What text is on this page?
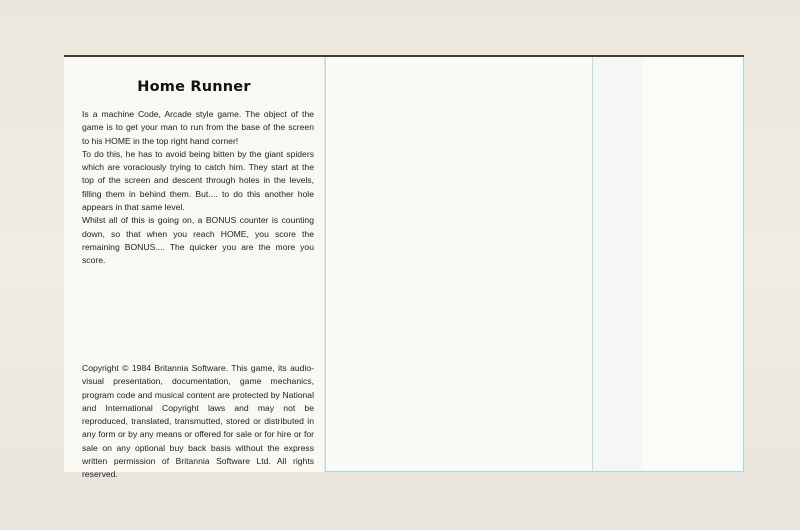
Home Runner

Is a machine Code, Arcade style game. The object of the game is to get your man to run from the base of the screen to his HOME in the top right hand corner!

To do this, he has to avoid being bitten by the giant spiders which are voraciously trying to catch him. They start at the top of the screen and descent through holes in the levels, filling them in behind them. But.... to do this another hole appears in that same level.

Whilst all of this is going on, a BONUS counter is counting down, so that when you reach HOME, you score the remaining BONUS.... The quicker you are the more you score.

Copyright © 1984 Britannia Software. This game, its audio-visual presentation, documentation, game mechanics, program code and musical content are protected by National and International Copyright laws and may not be reproduced, translated, transmutted, stored or distributed in any form or by any means or offered for sale or for hire or for sale on any optional buy back basis without the express written permission of Britannia Software Ltd. All rights reserved.
